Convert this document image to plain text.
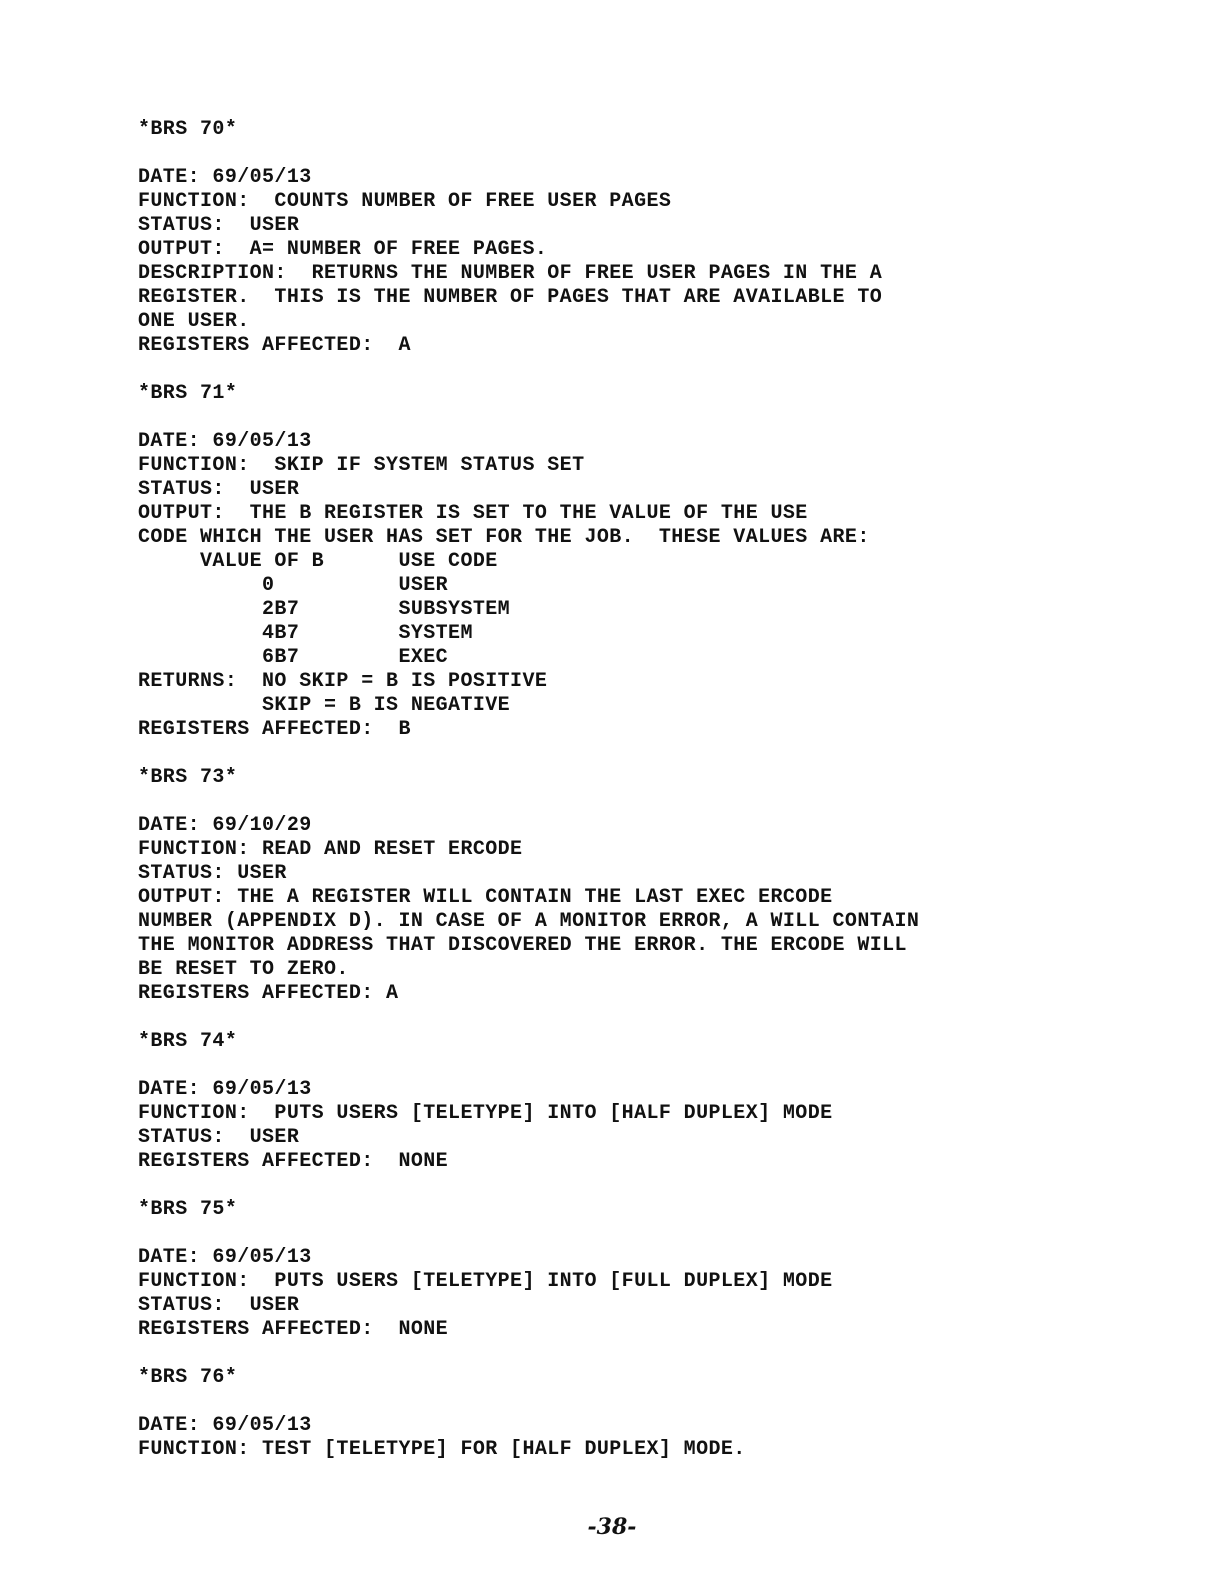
*BRS 70*
DATE: 69/05/13
FUNCTION:  COUNTS NUMBER OF FREE USER PAGES
STATUS:  USER
OUTPUT:  A= NUMBER OF FREE PAGES.
DESCRIPTION:  RETURNS THE NUMBER OF FREE USER PAGES IN THE A
REGISTER.  THIS IS THE NUMBER OF PAGES THAT ARE AVAILABLE TO
ONE USER.
REGISTERS AFFECTED:  A
*BRS 71*
DATE: 69/05/13
FUNCTION:  SKIP IF SYSTEM STATUS SET
STATUS:  USER
OUTPUT:  THE B REGISTER IS SET TO THE VALUE OF THE USE
CODE WHICH THE USER HAS SET FOR THE JOB.  THESE VALUES ARE:
VALUE OF B      USE CODE
0          USER
2B7        SUBSYSTEM
4B7        SYSTEM
6B7        EXEC
RETURNS:  NO SKIP = B IS POSITIVE
SKIP = B IS NEGATIVE
REGISTERS AFFECTED:  B
*BRS 73*
DATE: 69/10/29
FUNCTION: READ AND RESET ERCODE
STATUS: USER
OUTPUT: THE A REGISTER WILL CONTAIN THE LAST EXEC ERCODE
NUMBER (APPENDIX D). IN CASE OF A MONITOR ERROR, A WILL CONTAIN
THE MONITOR ADDRESS THAT DISCOVERED THE ERROR. THE ERCODE WILL
BE RESET TO ZERO.
REGISTERS AFFECTED: A
*BRS 74*
DATE: 69/05/13
FUNCTION:  PUTS USERS [TELETYPE] INTO [HALF DUPLEX] MODE
STATUS:  USER
REGISTERS AFFECTED:  NONE
*BRS 75*
DATE: 69/05/13
FUNCTION:  PUTS USERS [TELETYPE] INTO [FULL DUPLEX] MODE
STATUS:  USER
REGISTERS AFFECTED:  NONE
*BRS 76*
DATE: 69/05/13
FUNCTION: TEST [TELETYPE] FOR [HALF DUPLEX] MODE.
-38-
